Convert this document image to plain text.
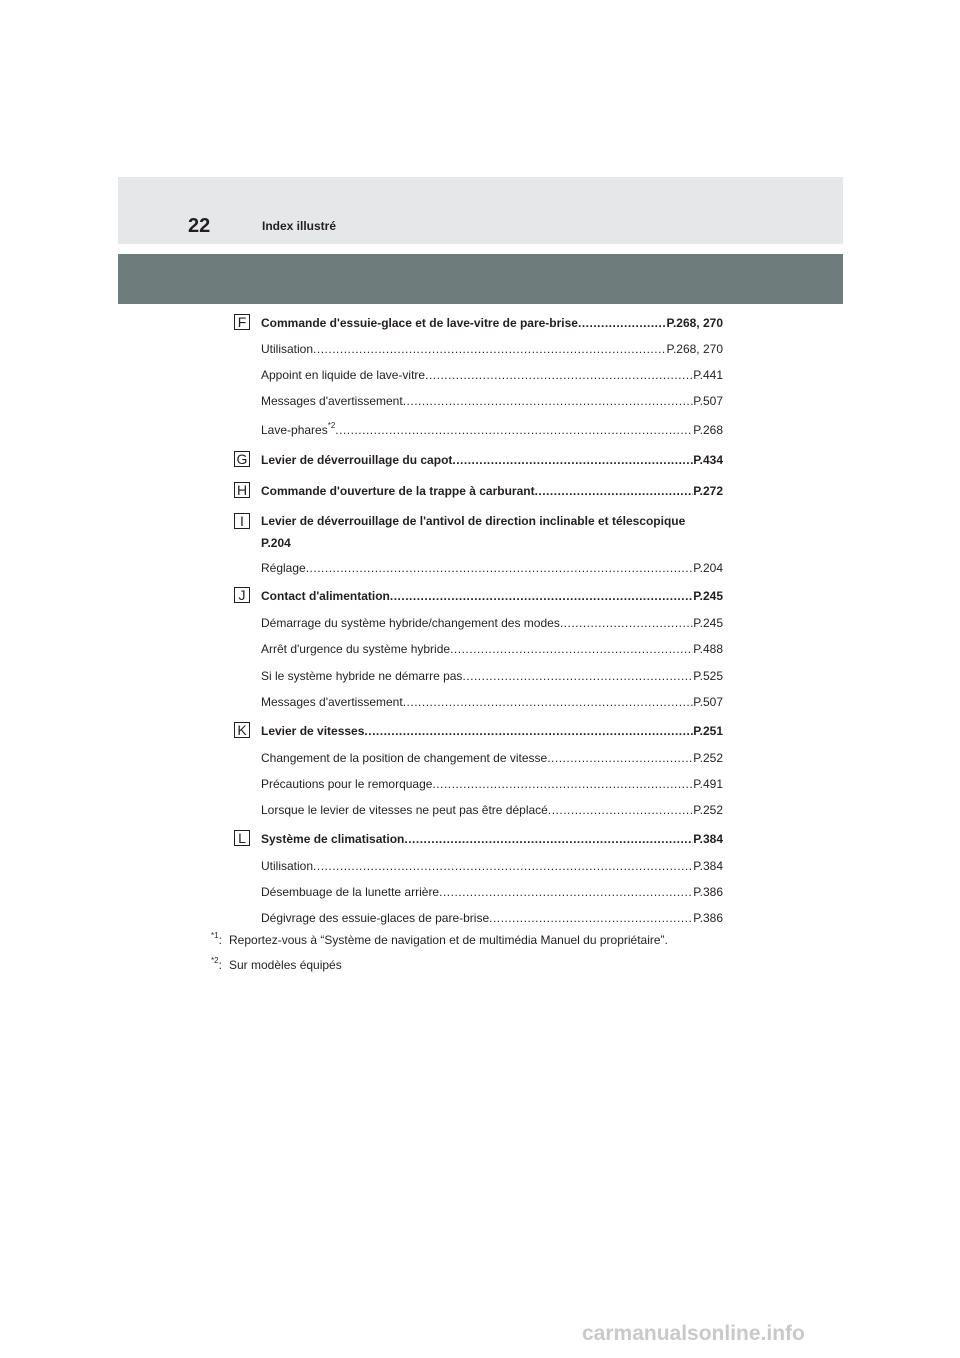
22	Index illustré
F	Commande d'essuie-glace et de lave-vitre de pare-brise .....	P.268, 270
Utilisation .....	P.268, 270
Appoint en liquide de lave-vitre .....	P.441
Messages d'avertissement .....	P.507
Lave-phares$^{*2}$ .....	P.268
G Levier de déverrouillage du capot .....	P.434
H Commande d'ouverture de la trappe à carburant .....	P.272
I	Levier de déverrouillage de l'antivol de direction inclinable et télescopique
P.204
Réglage .....	P.204
J	Contact d'alimentation .....	P.245
Démarrage du système hybride/changement des modes .....	P.245
Arrêt d'urgence du système hybride .....	P.488
Si le système hybride ne démarre pas .....	P.525
Messages d'avertissement .....	P.507
K Levier de vitesses .....	P.251
Changement de la position de changement de vitesse .....	P.252
Précautions pour le remorquage .....	P.491
Lorsque le levier de vitesses ne peut pas être déplacé .....	P.252
L	Système de climatisation .....	P.384
Utilisation .....	P.384
Désembuage de la lunette arrière .....	P.386
Dégivrage des essuie-glaces de pare-brise .....	P.386
$^{*1}$: Reportez-vous à “Système de navigation et de multimédia Manuel du propriétaire”.
$^{*2}$: Sur modèles équipés
carmanualsonline.info
